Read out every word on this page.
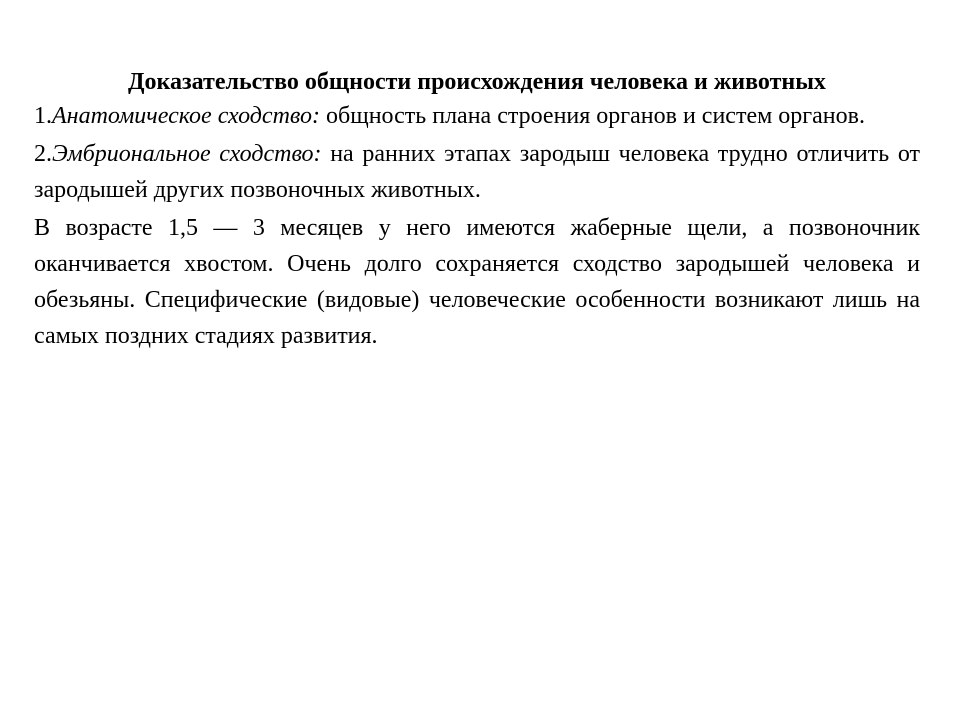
Доказательство общности происхождения человека и животных

1.Анатомическое сходство: общность плана строения органов и систем органов.

2.Эмбриональное сходство: на ранних этапах зародыш человека трудно отличить от зародышей других позвоночных животных.

В возрасте 1,5 — 3 месяцев у него имеются жаберные щели, а позвоночник оканчивается хвостом. Очень долго сохраняется сходство зародышей человека и обезьяны. Специфические (видовые) человеческие особенности возникают лишь на самых поздних стадиях развития.
